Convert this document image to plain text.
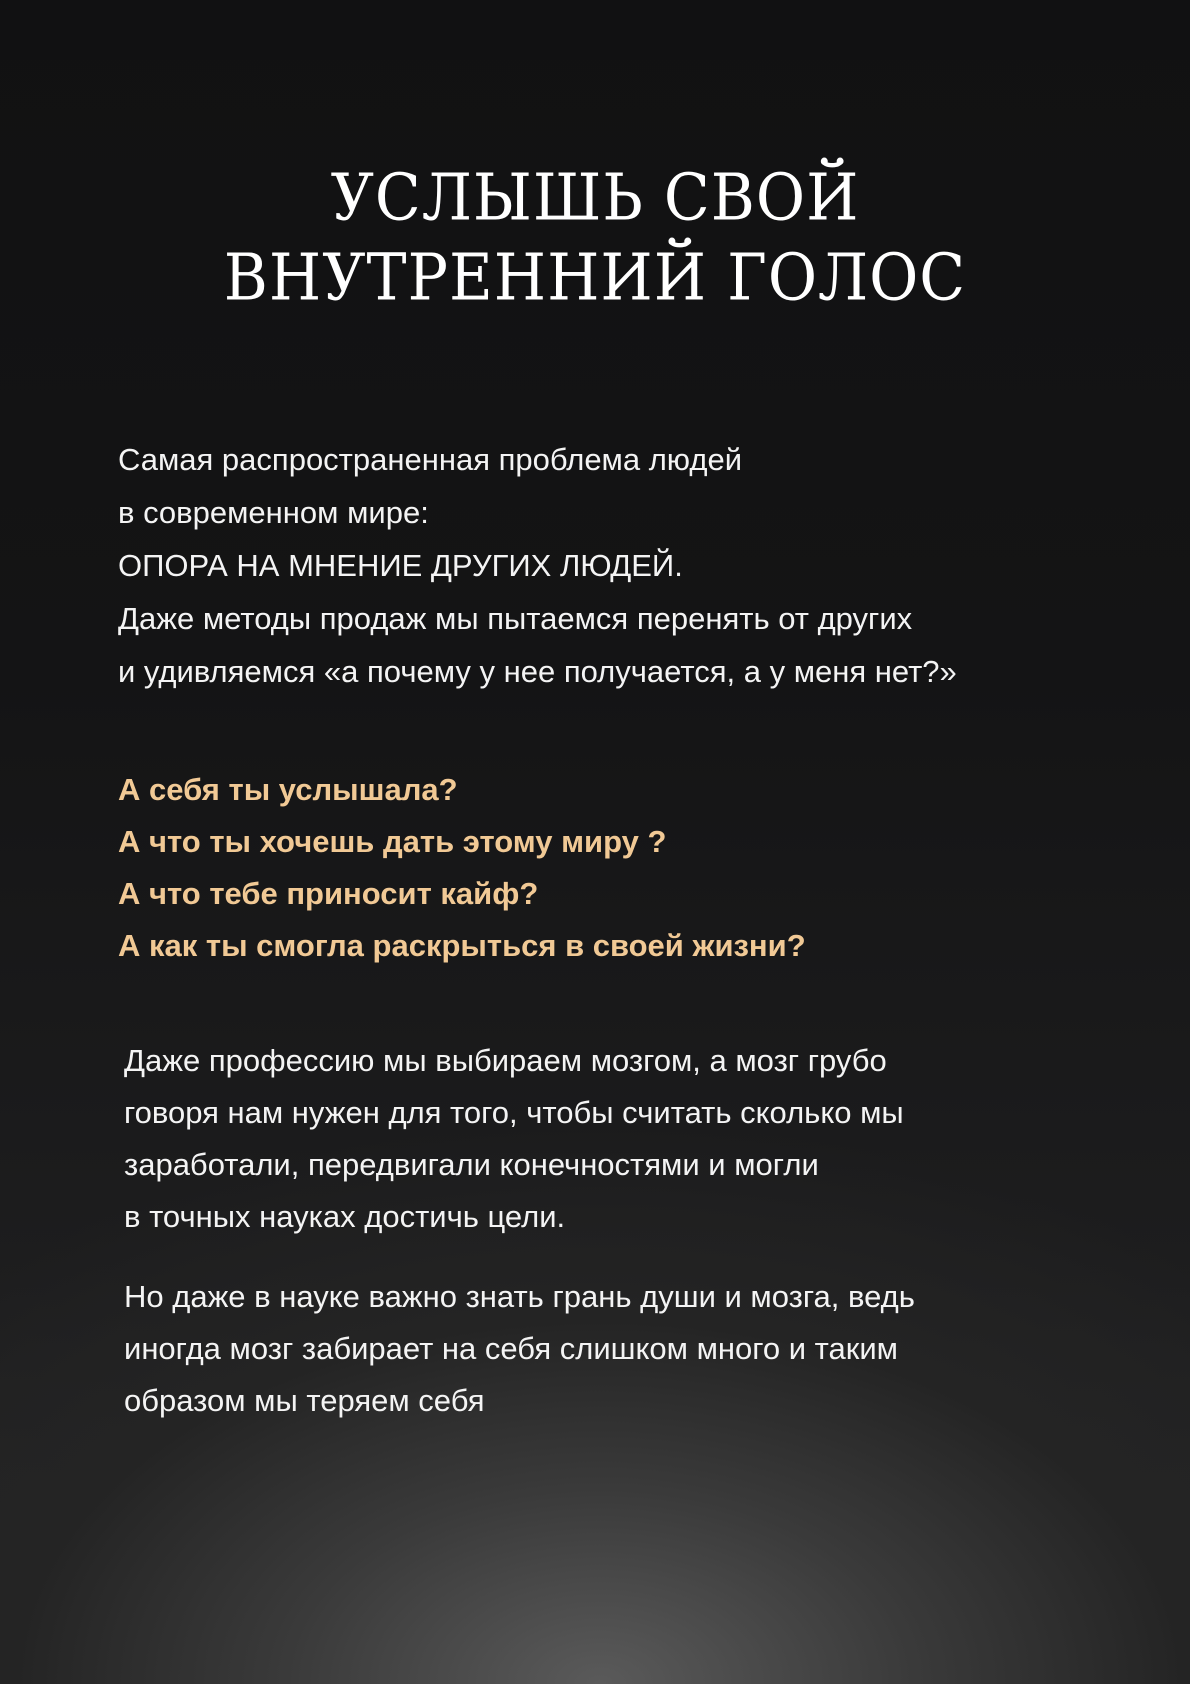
УСЛЫШЬ СВОЙ
ВНУТРЕННИЙ ГОЛОС

Самая распространенная проблема людей

в современном мире:

ОПОРА НА МНЕНИЕ ДРУГИХ ЛЮДЕЙ.

Даже методы продаж мы пытаемся перенять от других

и удивляемся «а почему у нее получается, а у меня нет?»

А себя ты услышала?

А что ты хочешь дать этому миру ?

А что тебе приносит кайф?

А как ты смогла раскрыться в своей жизни?

Даже профессию мы выбираем мозгом, а мозг грубо

говоря нам нужен для того, чтобы считать сколько мы

заработали, передвигали конечностями и могли

в точных науках достичь цели.

Но даже в науке важно знать грань души и мозга, ведь

иногда мозг забирает на себя слишком много и таким

образом мы теряем себя
